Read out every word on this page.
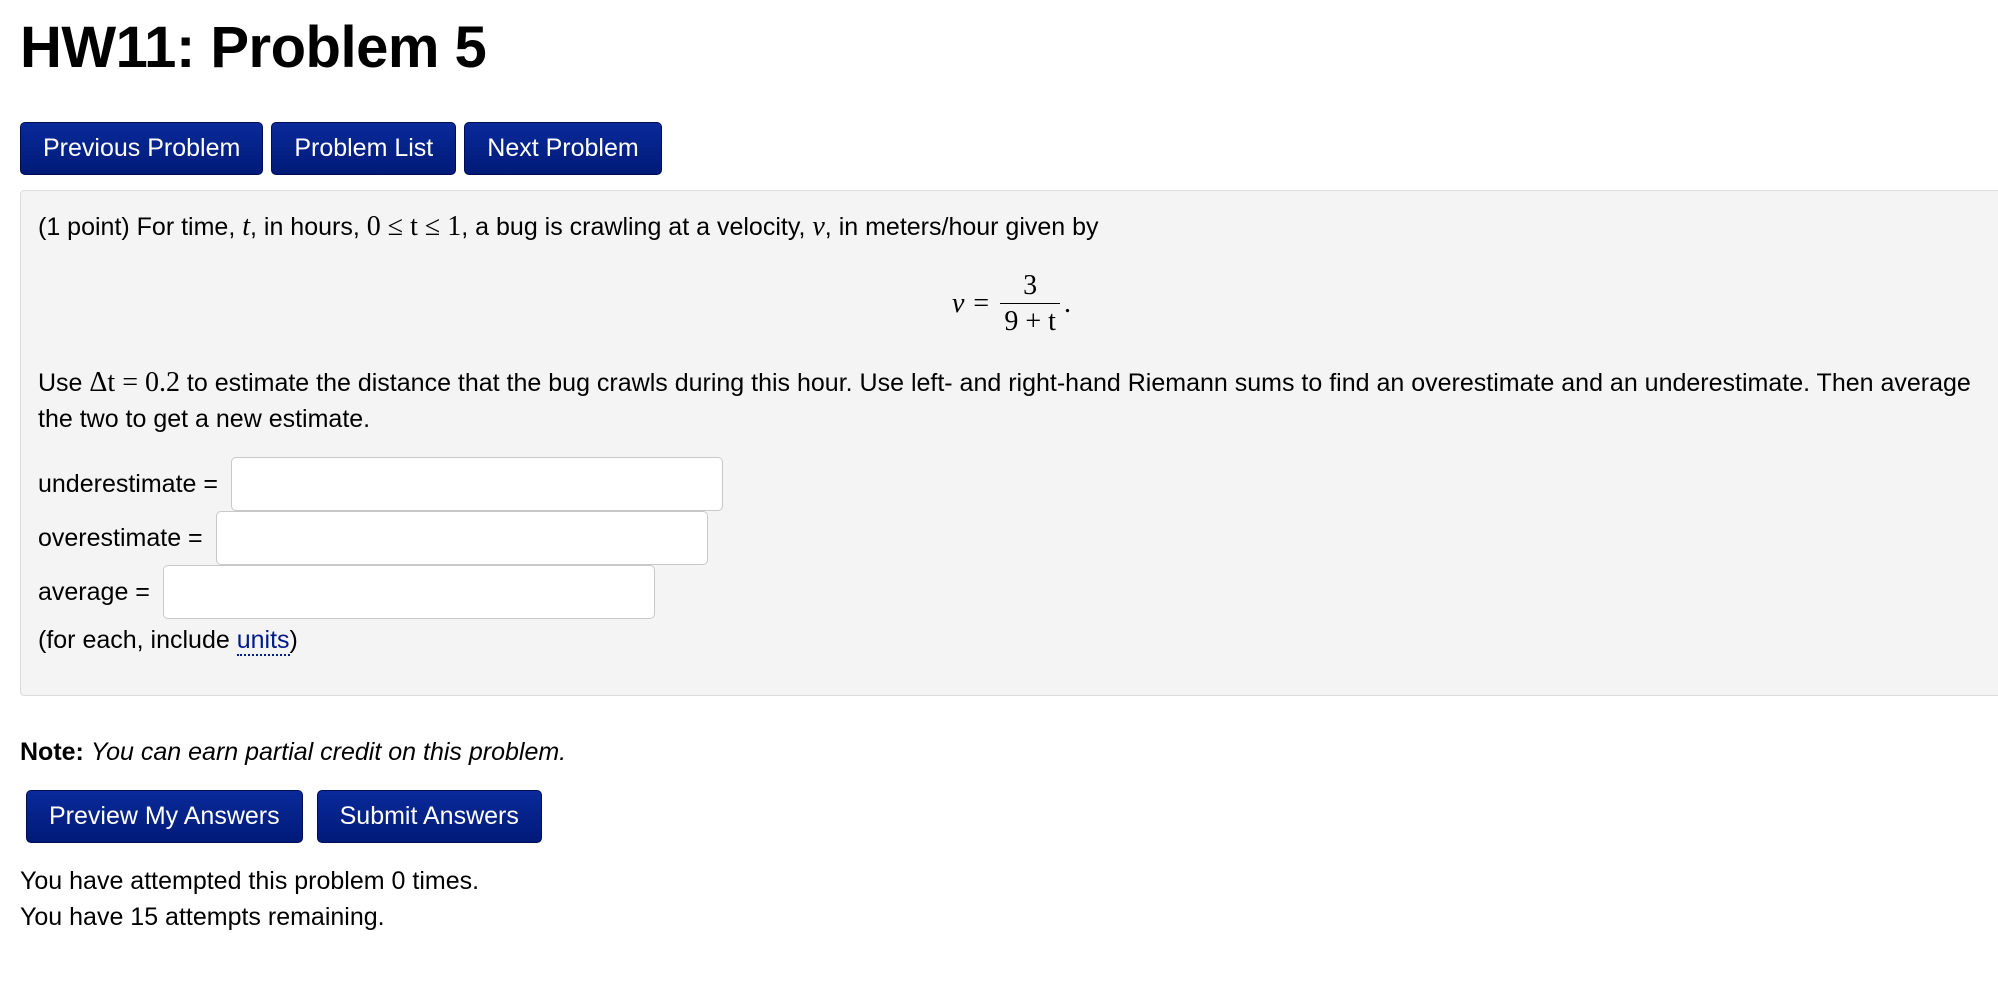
HW11: Problem 5
Previous Problem	Problem List	Next Problem
(1 point) For time, t, in hours, 0 ≤ t ≤ 1, a bug is crawling at a velocity, v, in meters/hour given by
$v = \frac{3}{9 + t}$ .
Use Δt = 0.2 to estimate the distance that the bug crawls during this hour. Use left- and right-hand Riemann sums to find an overestimate and an underestimate. Then average the two to get a new estimate.
underestimate =
overestimate =
average =
(for each, include units)
Note: You can earn partial credit on this problem.
Preview My Answers	Submit Answers
You have attempted this problem 0 times.
You have 15 attempts remaining.
